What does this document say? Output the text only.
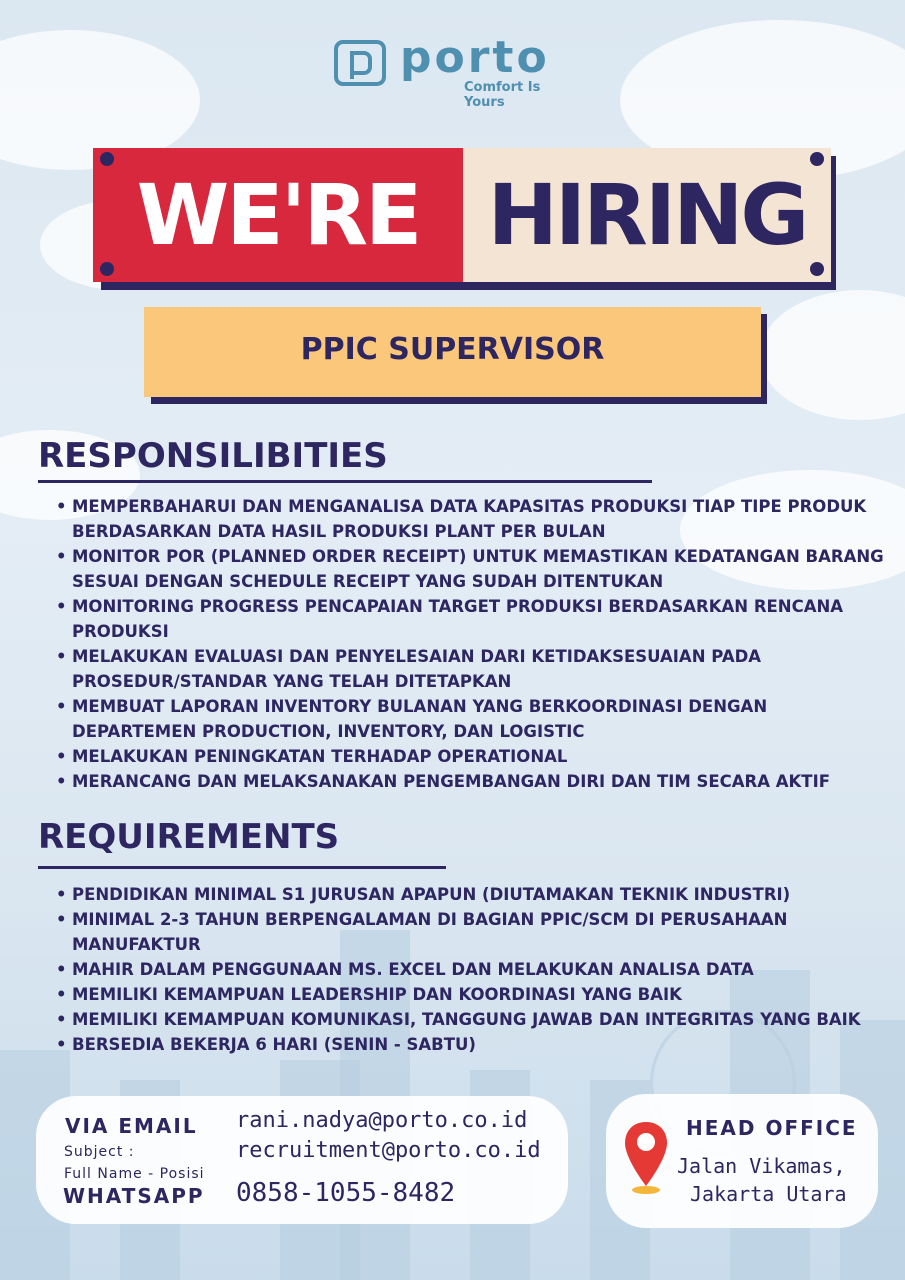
porto
Comfort Is Yours
WE'RE HIRING
PPIC SUPERVISOR
RESPONSILIBITIES
• MEMPERBAHARUI DAN MENGANALISA DATA KAPASITAS PRODUKSI TIAP TIPE PRODUK BERDASARKAN DATA HASIL PRODUKSI PLANT PER BULAN
• MONITOR POR (PLANNED ORDER RECEIPT) UNTUK MEMASTIKAN KEDATANGAN BARANG SESUAI DENGAN SCHEDULE RECEIPT YANG SUDAH DITENTUKAN
• MONITORING PROGRESS PENCAPAIAN TARGET PRODUKSI BERDASARKAN RENCANA PRODUKSI
• MELAKUKAN EVALUASI DAN PENYELESAIAN DARI KETIDAKSESUAIAN PADA PROSEDUR/STANDAR YANG TELAH DITETAPKAN
• MEMBUAT LAPORAN INVENTORY BULANAN YANG BERKOORDINASI DENGAN DEPARTEMEN PRODUCTION, INVENTORY, DAN LOGISTIC
• MELAKUKAN PENINGKATAN TERHADAP OPERATIONAL
• MERANCANG DAN MELAKSANAKAN PENGEMBANGAN DIRI DAN TIM SECARA AKTIF
REQUIREMENTS
• PENDIDIKAN MINIMAL S1 JURUSAN APAPUN (DIUTAMAKAN TEKNIK INDUSTRI)
• MINIMAL 2-3 TAHUN BERPENGALAMAN DI BAGIAN PPIC/SCM DI PERUSAHAAN MANUFAKTUR
• MAHIR DALAM PENGGUNAAN MS. EXCEL DAN MELAKUKAN ANALISA DATA
• MEMILIKI KEMAMPUAN LEADERSHIP DAN KOORDINASI YANG BAIK
• MEMILIKI KEMAMPUAN KOMUNIKASI, TANGGUNG JAWAB DAN INTEGRITAS YANG BAIK
• BERSEDIA BEKERJA 6 HARI (SENIN - SABTU)
VIA EMAIL
Subject :
Full Name - Posisi
WHATSAPP
rani.nadya@porto.co.id
recruitment@porto.co.id
0858-1055-8482
HEAD OFFICE
Jalan Vikamas,
Jakarta Utara
